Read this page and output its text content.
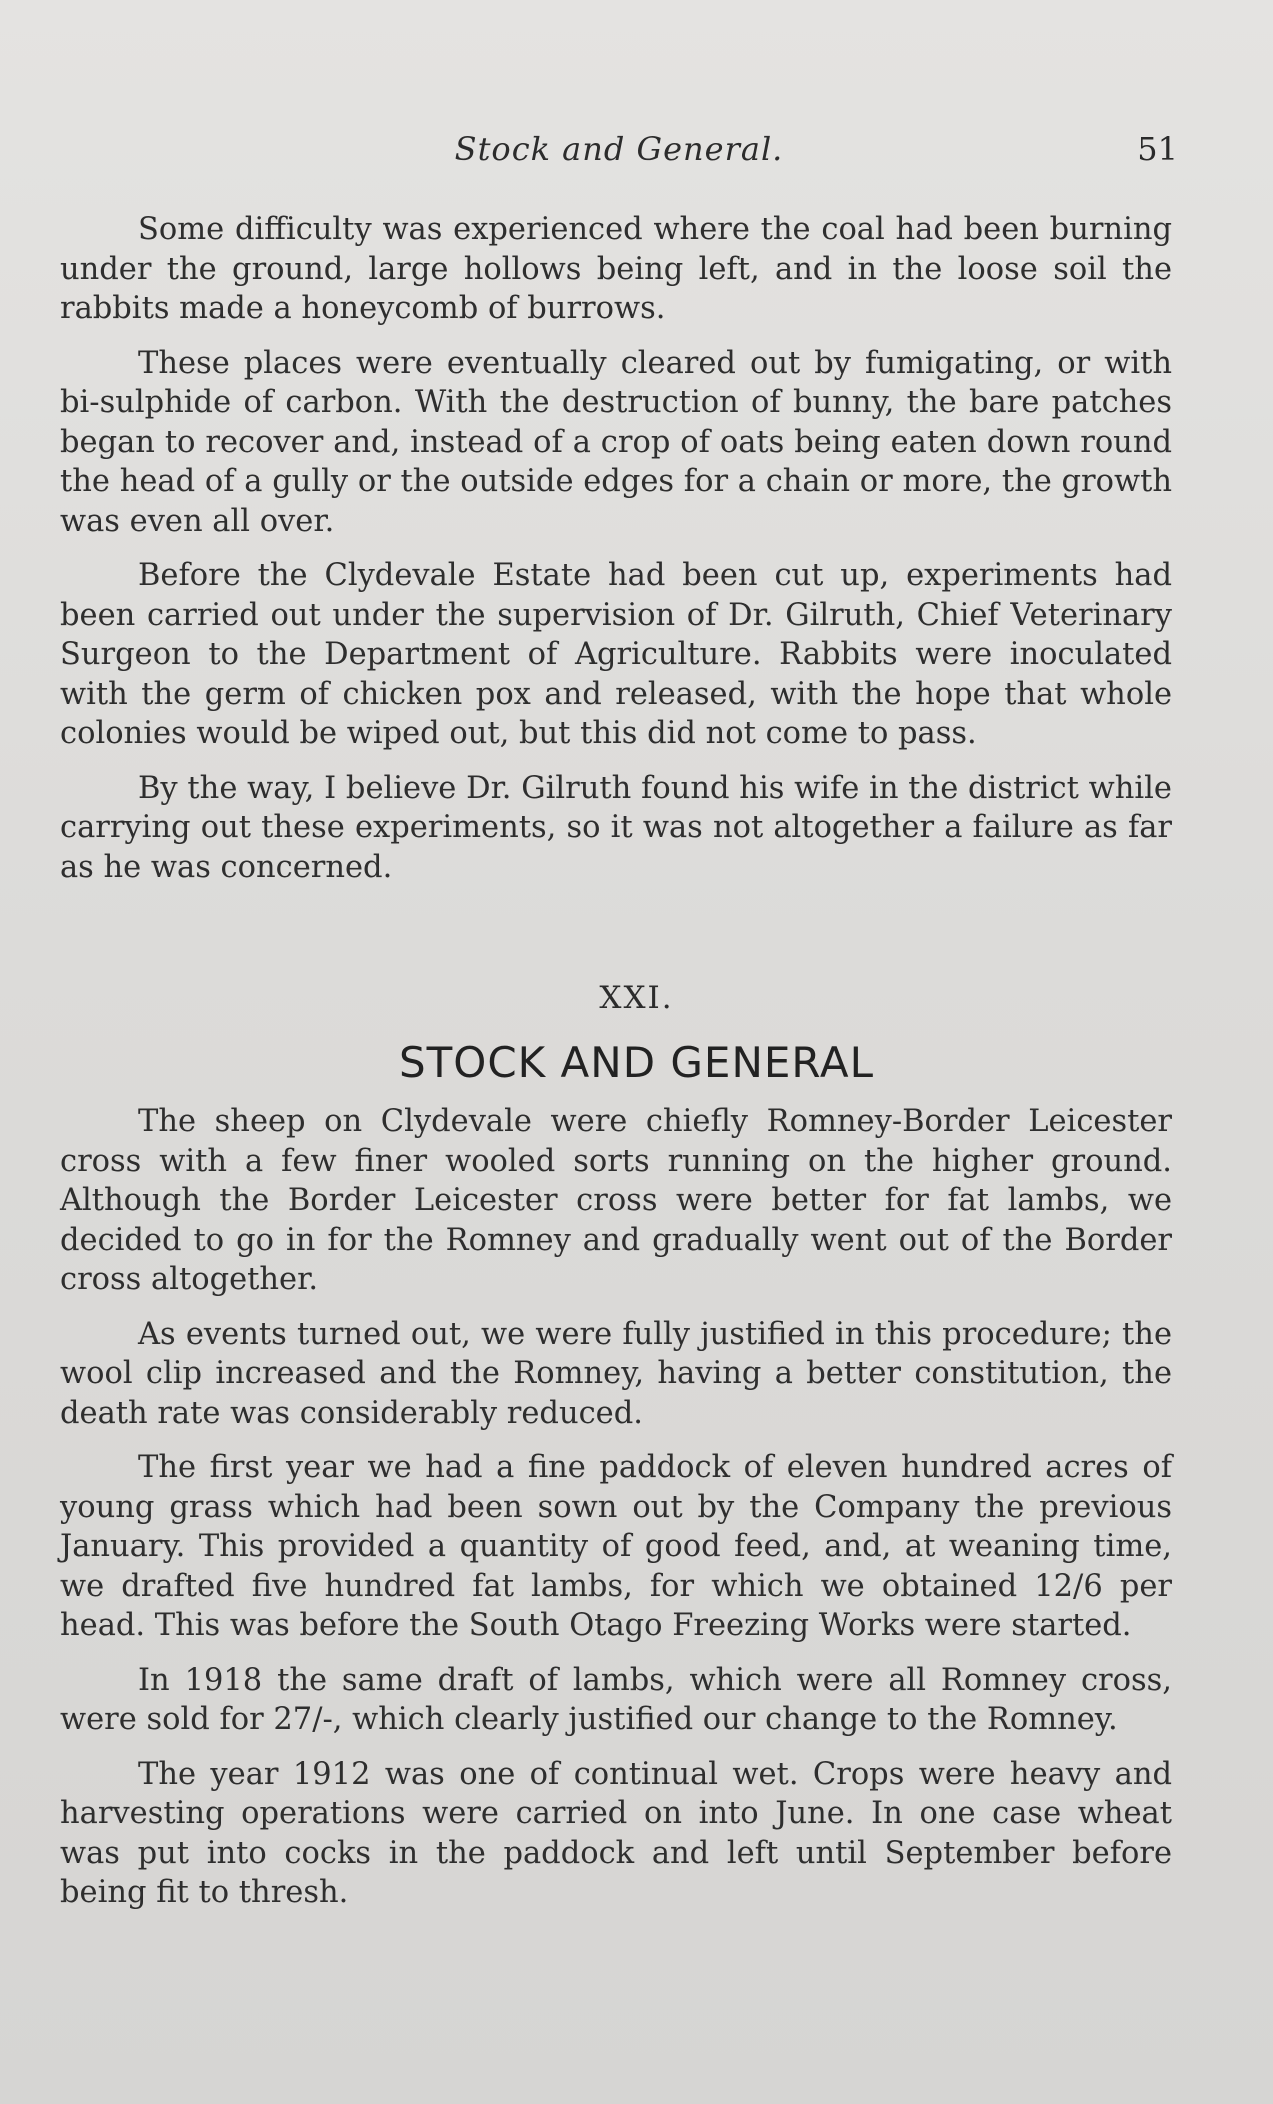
Stock and General.	51

Some difficulty was experienced where the coal had been burning under the ground, large hollows being left, and in the loose soil the rabbits made a honeycomb of burrows.

These places were eventually cleared out by fumigating, or with bi-sulphide of carbon. With the destruction of bunny, the bare patches began to recover and, instead of a crop of oats being eaten down round the head of a gully or the outside edges for a chain or more, the growth was even all over.

Before the Clydevale Estate had been cut up, experiments had been carried out under the supervision of Dr. Gilruth, Chief Veterinary Surgeon to the Department of Agriculture. Rabbits were inoculated with the germ of chicken pox and released, with the hope that whole colonies would be wiped out, but this did not come to pass.

By the way, I believe Dr. Gilruth found his wife in the district while carrying out these experiments, so it was not altogether a failure as far as he was concerned.

XXI.
STOCK AND GENERAL

The sheep on Clydevale were chiefly Romney-Border Leicester cross with a few finer wooled sorts running on the higher ground. Although the Border Leicester cross were better for fat lambs, we decided to go in for the Romney and gradually went out of the Border cross altogether.

As events turned out, we were fully justified in this procedure; the wool clip increased and the Romney, having a better constitution, the death rate was considerably reduced.

The first year we had a fine paddock of eleven hundred acres of young grass which had been sown out by the Company the previous January. This provided a quantity of good feed, and, at weaning time, we drafted five hundred fat lambs, for which we obtained 12/6 per head. This was before the South Otago Freezing Works were started.

In 1918 the same draft of lambs, which were all Romney cross, were sold for 27/-, which clearly justified our change to the Romney.

The year 1912 was one of continual wet. Crops were heavy and harvesting operations were carried on into June. In one case wheat was put into cocks in the paddock and left until September before being fit to thresh.
